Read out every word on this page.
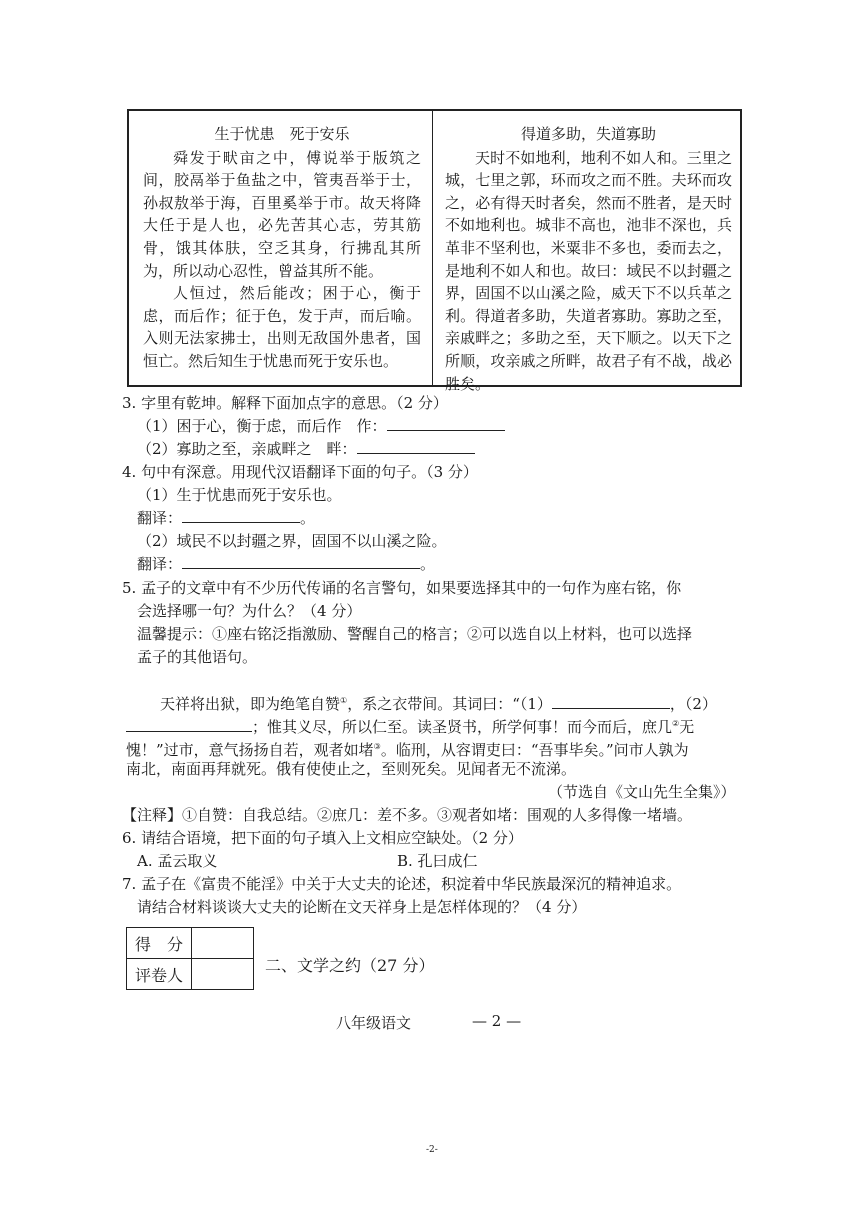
生于忧患　死于安乐

舜发于畎亩之中，傅说举于版筑之间，胶鬲举于鱼盐之中，管夷吾举于士，孙叔敖举于海，百里奚举于市。故天将降大任于是人也，必先苦其心志，劳其筋骨，饿其体肤，空乏其身，行拂乱其所为，所以动心忍性，曾益其所不能。

人恒过，然后能改；困于心，衡于虑，而后作；征于色，发于声，而后喻。入则无法家拂士，出则无敌国外患者，国恒亡。然后知生于忧患而死于安乐也。

得道多助，失道寡助

天时不如地利，地利不如人和。三里之城，七里之郭，环而攻之而不胜。夫环而攻之，必有得天时者矣，然而不胜者，是天时不如地利也。城非不高也，池非不深也，兵革非不坚利也，米粟非不多也，委而去之，是地利不如人和也。故曰：域民不以封疆之界，固国不以山溪之险，威天下不以兵革之利。得道者多助，失道者寡助。寡助之至，亲戚畔之；多助之至，天下顺之。以天下之所顺，攻亲戚之所畔，故君子有不战，战必胜矣。

3. 字里有乾坤。解释下面加点字的意思。（2 分）
（1）困于心，衡于虑，而后作　作：
（2）寡助之至，亲戚畔之　畔：
4. 句中有深意。用现代汉语翻译下面的句子。（3 分）
（1）生于忧患而死于安乐也。
翻译：	。
（2）域民不以封疆之界，固国不以山溪之险。
翻译：	。
5. 孟子的文章中有不少历代传诵的名言警句，如果要选择其中的一句作为座右铭，你
会选择哪一句？为什么？（4 分）
温馨提示：①座右铭泛指激励、警醒自己的格言；②可以选自以上材料，也可以选择
孟子的其他语句。
天祥将出狱，即为绝笔自赞①，系之衣带间。其词曰：“（1）	，（2）
；惟其义尽，所以仁至。读圣贤书，所学何事！而今而后，庶几②无
愧！”过市，意气扬扬自若，观者如堵③。临刑，从容谓吏曰：“吾事毕矣。”问市人孰为
南北，南面再拜就死。俄有使使止之，至则死矣。见闻者无不流涕。
（节选自《文山先生全集》）
【注释】①自赞：自我总结。②庶几：差不多。③观者如堵：围观的人多得像一堵墙。
6. 请结合语境，把下面的句子填入上文相应空缺处。（2 分）
A. 孟云取义	B. 孔曰成仁
7. 孟子在《富贵不能淫》中关于大丈夫的论述，积淀着中华民族最深沉的精神追求。
请结合材料谈谈大丈夫的论断在文天祥身上是怎样体现的？（4 分）
得　分	
评卷人		二、文学之约（27 分）
八年级语文	— 2 —
-2-
